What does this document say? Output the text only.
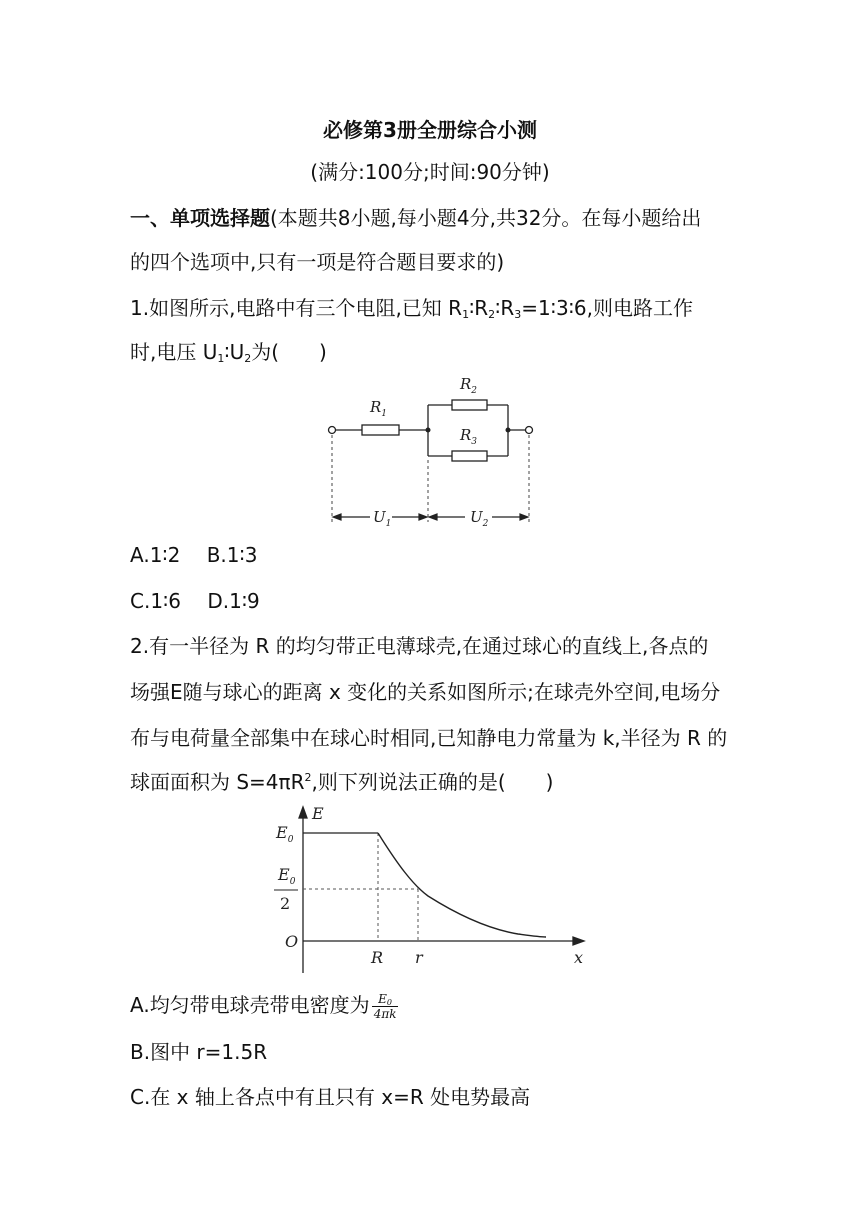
必修第3册全册综合小测
(满分:100分;时间:90分钟)
一、单项选择题(本题共8小题,每小题4分,共32分。在每小题给出
的四个选项中,只有一项是符合题目要求的)
1.如图所示,电路中有三个电阻,已知 $R_1∶R_2∶R_3=1∶3∶6$,则电路工作
时,电压 $U_1∶U_2$为(　　)
$R_1$
$R_2$
$R_3$
$U_1$	$U_2$
A.1∶2　 B.1∶3
C.1∶6　 D.1∶9
2.有一半径为 R 的均匀带正电薄球壳,在通过球心的直线上,各点的
场强E随与球心的距离 x 变化的关系如图所示;在球壳外空间,电场分
布与电荷量全部集中在球心时相同,已知静电力常量为 k,半径为 R 的
球面面积为 $S=4\pi R^2$,则下列说法正确的是(　　)
E
$E_0$
$E_0$
2
O
R r	x
A.均匀带电球壳带电密度为 $\frac{E_0}{4\pi k}$
B.图中 r=1.5R
C.在 x 轴上各点中有且只有 x=R 处电势最高
